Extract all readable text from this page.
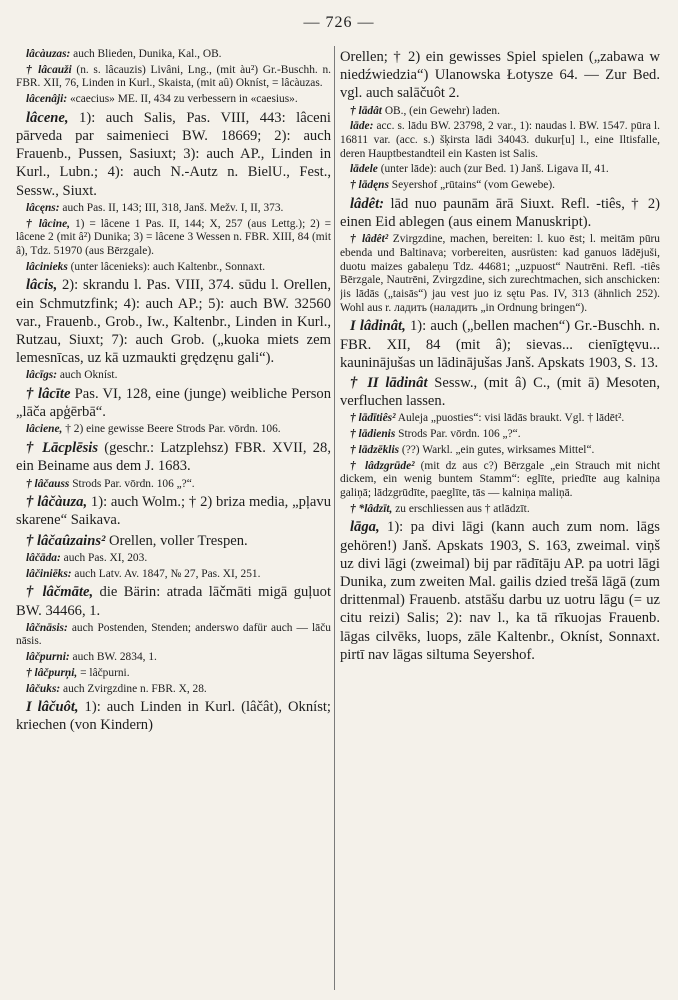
— 726 —

lâcàuzas: auch Blieden, Dunika, Kal., OB.

† lâcauži (n. s. lâcauzis) Livâni, Lng., (mit àu²) Gr.-Buschh. n. FBR. XII, 76, Linden in Kurl., Skaista, (mit aû) Okníst, = lâcàuzas.

lâcenâji: «caecius» ME. II, 434 zu verbessern in «caesius».

lâcene, 1): auch Salis, Pas. VIII, 443: lâceni pārveda par saimenieci BW. 18669; 2): auch Frauenb., Pussen, Sasiuxt; 3): auch AP., Linden in Kurl., Lubn.; 4): auch N.-Autz n. BielU., Fest., Sessw., Siuxt.

lâcęns: auch Pas. II, 143; III, 318, Janš. Mežv. I, II, 373.

† lâcine, 1) = lâcene 1 Pas. II, 144; X, 257 (aus Lettg.); 2) = lâcene 2 (mit â²) Dunika; 3) = lâcene 3 Wessen n. FBR. XIII, 84 (mit â), Tdz. 51970 (aus Bērzgale).

lâcinieks (unter lâcenieks): auch Kaltenbr., Sonnaxt.

lâcis, 2): skrandu l. Pas. VIII, 374. sūdu l. Orellen, ein Schmutzfink; 4): auch AP.; 5): auch BW. 32560 var., Frauenb., Grob., Iw., Kaltenbr., Linden in Kurl., Rutzau, Siuxt; 7): auch Grob. („kuoka miets zem lemesnīcas, uz kā uzmaukti grędzęnu gali“).

lâcīgs: auch Okníst.

† lâcīte Pas. VI, 128, eine (junge) weibliche Person „lāča apģērbā“.

lâciene, † 2) eine gewisse Beere Strods Par. vōrdn. 106.

† Lācplēsis (geschr.: Latzplehsz) FBR. XVII, 28, ein Beiname aus dem J. 1683.

† lâčauss Strods Par. vōrdn. 106 „?“.

† lâčàuza, 1): auch Wolm.; † 2) briza media, „pļavu skarene“ Saikava.

† lâčaûzains² Orellen, voller Trespen.

lâčāda: auch Pas. XI, 203.

lâčiniēks: auch Latv. Av. 1847, № 27, Pas. XI, 251.

† lâčmāte, die Bärin: atrada lāčmāti migā guļuot BW. 34466, 1.

lâčnāsis: auch Postenden, Stenden; anderswo dafür auch — lāču nāsis.

lâčpurni: auch BW. 2834, 1.

† lâčpurņi, = lâčpurni.

lâčuks: auch Zvirgzdine n. FBR. X, 28.

I lâčuôt, 1): auch Linden in Kurl. (lâčât), Okníst; kriechen (von Kindern)

Orellen; † 2) ein gewisses Spiel spielen („zabawa w niedźwiedzia“) Ulanowska Łotysze 64. — Zur Bed. vgl. auch salāčuôt 2.

† lādât OB., (ein Gewehr) laden.

lāde: acc. s. lādu BW. 23798, 2 var., 1): naudas l. BW. 1547. pūra l. 16811 var. (acc. s.) šķirsta lādi 34043. dukur[u] l., eine Iltisfalle, deren Hauptbestandteil ein Kasten ist Salis.

lādele (unter lāde): auch (zur Bed. 1) Janš. Ligava II, 41.

† lādęns Seyershof „rūtains“ (vom Gewebe).

lâdêt: lād nuo paunām ārā Siuxt. Refl. -tiês, † 2) einen Eid ablegen (aus einem Manuskript).

† lâdêt² Zvirgzdine, machen, bereiten: l. kuo ēst; l. meitām pūru ebenda und Baltinava; vorbereiten, ausrüsten: kad ganuos lādējuši, duotu maizes gabaleņu Tdz. 44681; „uzpuost“ Nautrēni. Refl. -tiês Bērzgale, Nautrēni, Zvirgzdine, sich zurechtmachen, sich anschicken: jis lādās („taisās“) jau vest juo iz sętu Pas. IV, 313 (ähnlich 252). Wohl aus r. ладить (наладить „in Ordnung bringen“).

I lâdinât, 1): auch („bellen machen“) Gr.-Buschh. n. FBR. XII, 84 (mit â); sievas... cienīgtęvu... kauninājušas un lādinājušas Janš. Apskats 1903, S. 13.

† II lādinât Sessw., (mit â) C., (mit ā) Mesoten, verfluchen lassen.

† lādītiês² Auleja „puosties“: visi lādās braukt. Vgl. † lādēt².

† lādienis Strods Par. vōrdn. 106 „?“.

† lādzēklis (??) Warkl. „ein gutes, wirksames Mittel“.

† lâdzgrūde² (mit dz aus c?) Bērzgale „ein Strauch mit nicht dickem, ein wenig buntem Stamm“: eglīte, priedīte aug kalniņa galiņā; lādzgrūdīte, paeglīte, tās — kalniņa maliņā.

† *lâdzīt, zu erschliessen aus † atlādzīt.

lāga, 1): pa divi lāgi (kann auch zum nom. lāgs gehören!) Janš. Apskats 1903, S. 163, zweimal. viņš uz divi lāgi (zweimal) bij par rādītāju AP. pa uotri lāgi Dunika, zum zweiten Mal. gailis dzied trešā lāgā (zum drittenmal) Frauenb. atstāšu darbu uz uotru lāgu (= uz citu reizi) Salis; 2): nav l., ka tā rīkuojas Frauenb. lāgas cilvēks, luops, zāle Kaltenbr., Okníst, Sonnaxt. pirtī nav lāgas siltuma Seyershof.
